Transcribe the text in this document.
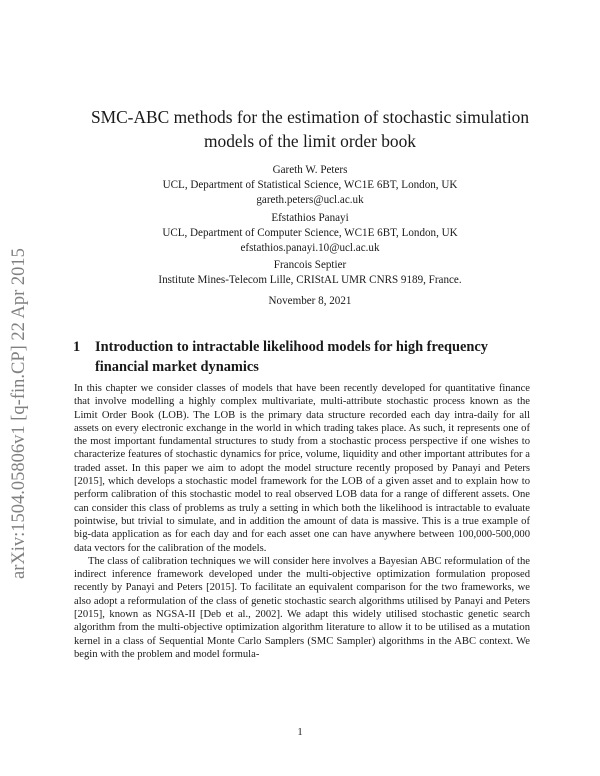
arXiv:1504.05806v1 [q-fin.CP] 22 Apr 2015
SMC-ABC methods for the estimation of stochastic simulation
models of the limit order book
Gareth W. Peters
UCL, Department of Statistical Science, WC1E 6BT, London, UK
gareth.peters@ucl.ac.uk
Efstathios Panayi
UCL, Department of Computer Science, WC1E 6BT, London, UK
efstathios.panayi.10@ucl.ac.uk
Francois Septier
Institute Mines-Telecom Lille, CRIStAL UMR CNRS 9189, France.
November 8, 2021
1 Introduction to intractable likelihood models for high frequency financial market dynamics

In this chapter we consider classes of models that have been recently developed for quantitative finance that involve modelling a highly complex multivariate, multi-attribute stochastic process known as the Limit Order Book (LOB). The LOB is the primary data structure recorded each day intra-daily for all assets on every electronic exchange in the world in which trading takes place. As such, it represents one of the most important fundamental structures to study from a stochastic process perspective if one wishes to characterize features of stochastic dynamics for price, volume, liquidity and other important attributes for a traded asset. In this paper we aim to adopt the model structure recently proposed by Panayi and Peters [2015], which develops a stochastic model framework for the LOB of a given asset and to explain how to perform calibration of this stochastic model to real observed LOB data for a range of different assets. One can consider this class of problems as truly a setting in which both the likelihood is intractable to evaluate pointwise, but trivial to simulate, and in addition the amount of data is massive. This is a true example of big-data application as for each day and for each asset one can have anywhere between 100,000-500,000 data vectors for the calibration of the models.

The class of calibration techniques we will consider here involves a Bayesian ABC reformulation of the indirect inference framework developed under the multi-objective optimization formulation proposed recently by Panayi and Peters [2015]. To facilitate an equivalent comparison for the two frameworks, we also adopt a reformulation of the class of genetic stochastic search algorithms utilised by Panayi and Peters [2015], known as NGSA-II [Deb et al., 2002]. We adapt this widely utilised stochastic genetic search algorithm from the multi-objective optimization algorithm literature to allow it to be utilised as a mutation kernel in a class of Sequential Monte Carlo Samplers (SMC Sampler) algorithms in the ABC context. We begin with the problem and model formula-

1
